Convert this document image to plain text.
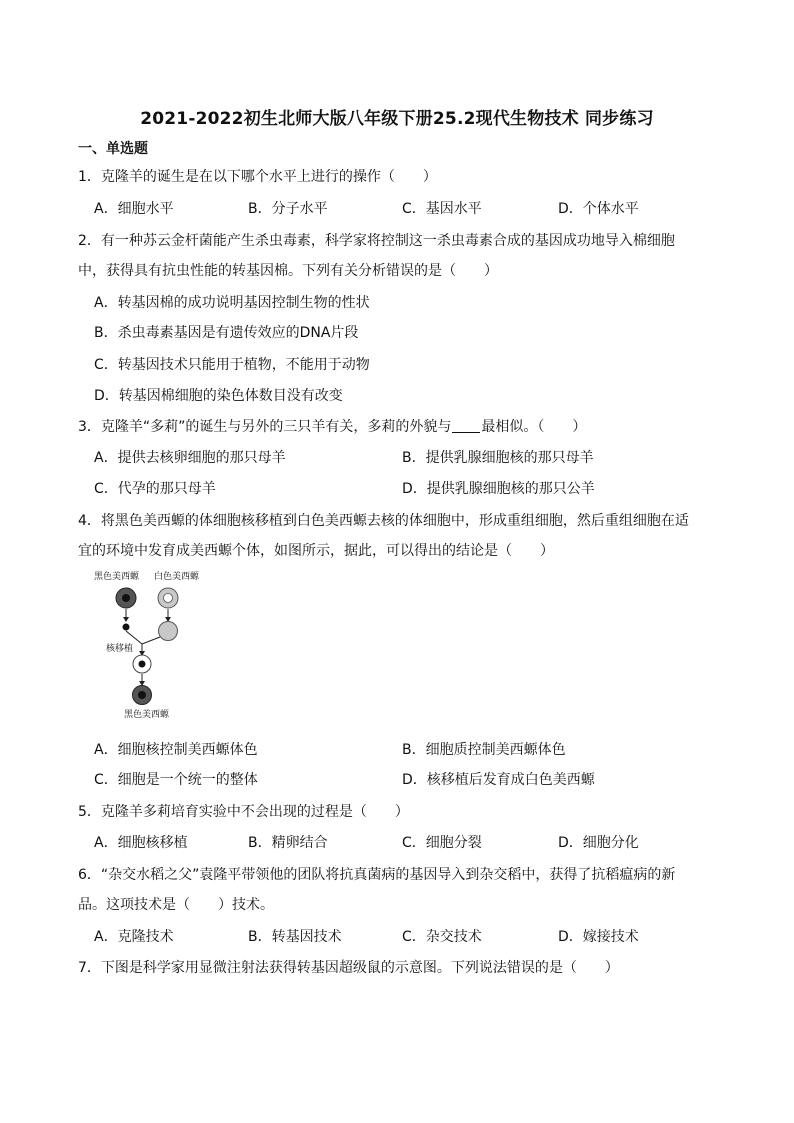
2021-2022初生北师大版八年级下册25.2现代生物技术 同步练习
一、单选题
1．克隆羊的诞生是在以下哪个水平上进行的操作（　　）
A．细胞水平	B．分子水平	C．基因水平	D．个体水平
2．有一种苏云金杆菌能产生杀虫毒素，科学家将控制这一杀虫毒素合成的基因成功地导入棉细胞
中，获得具有抗虫性能的转基因棉。下列有关分析错误的是（　　）
A．转基因棉的成功说明基因控制生物的性状
B．杀虫毒素基因是有遗传效应的DNA片段
C．转基因技术只能用于植物，不能用于动物
D．转基因棉细胞的染色体数目没有改变
3．克隆羊“多莉”的诞生与另外的三只羊有关，多莉的外貌与 最相似。（　　）
A．提供去核卵细胞的那只母羊	B．提供乳腺细胞核的那只母羊
C．代孕的那只母羊	D．提供乳腺细胞核的那只公羊
4．将黑色美西螈的体细胞核移植到白色美西螈去核的体细胞中，形成重组细胞，然后重组细胞在适
宜的环境中发育成美西螈个体，如图所示，据此，可以得出的结论是（　　）
黑色美西螈 白色美西螈
核移植
黑色美西螈
A．细胞核控制美西螈体色	B．细胞质控制美西螈体色
C．细胞是一个统一的整体	D．核移植后发育成白色美西螈
5．克隆羊多莉培育实验中不会出现的过程是（　　）
A．细胞核移植	B．精卵结合	C．细胞分裂	D．细胞分化
6．“杂交水稻之父”袁隆平带领他的团队将抗真菌病的基因导入到杂交稻中，获得了抗稻瘟病的新
品。这项技术是（　　）技术。
A．克隆技术	B．转基因技术	C．杂交技术	D．嫁接技术
7．下图是科学家用显微注射法获得转基因超级鼠的示意图。下列说法错误的是（　　）
